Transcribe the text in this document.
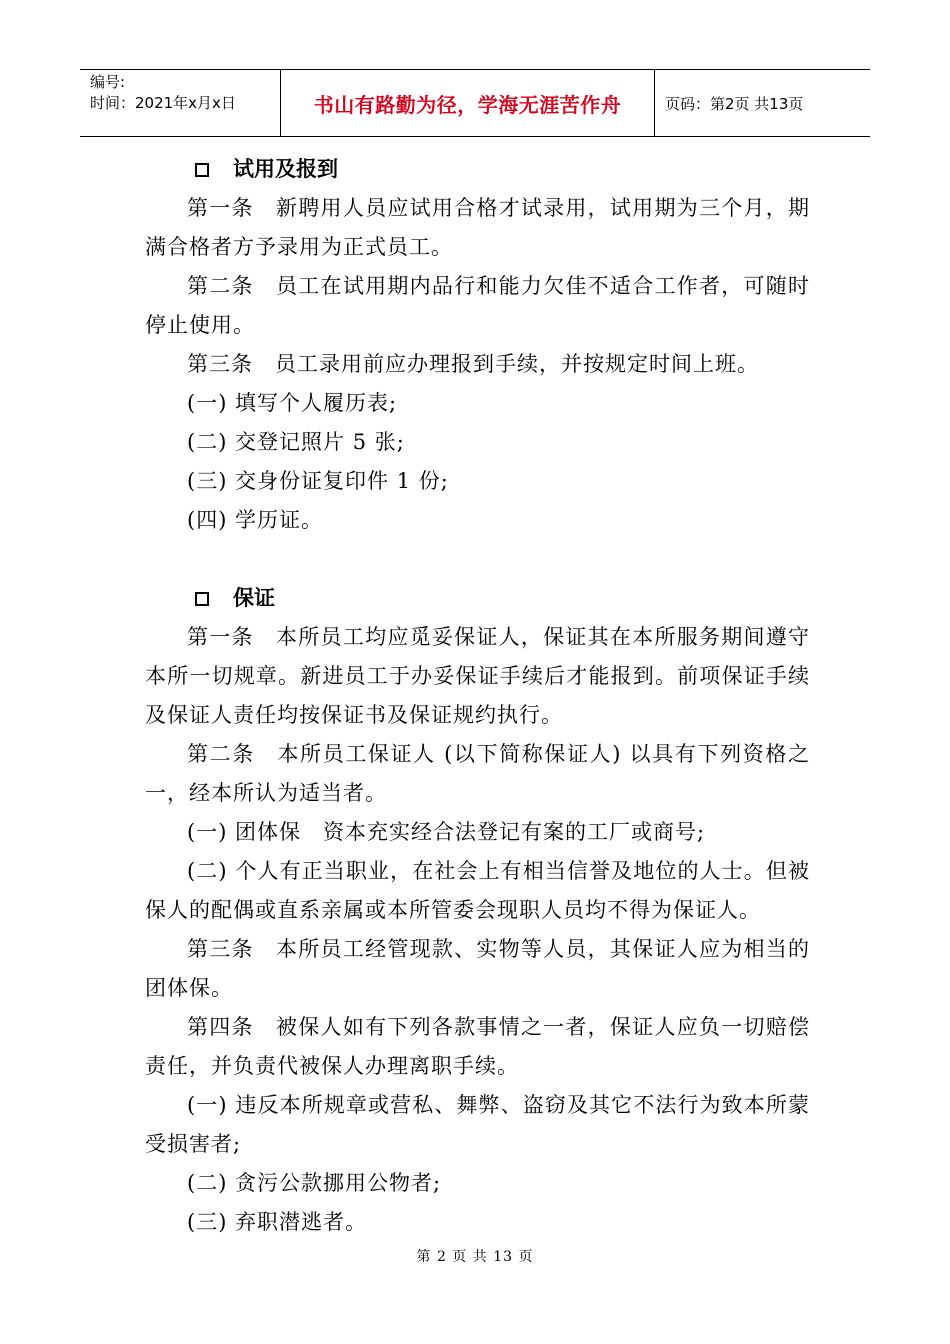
编号:
时间：2021年x月x日	书山有路勤为径，学海无涯苦作舟	页码：第2页 共13页
试用及报到

第一条　新聘用人员应试用合格才试录用，试用期为三个月，期满合格者方予录用为正式员工。

第二条　员工在试用期内品行和能力欠佳不适合工作者，可随时停止使用。

第三条　员工录用前应办理报到手续，并按规定时间上班。

(一) 填写个人履历表;

(二) 交登记照片 5 张;

(三) 交身份证复印件 1 份;

(四) 学历证。

保证

第一条　本所员工均应觅妥保证人，保证其在本所服务期间遵守本所一切规章。新进员工于办妥保证手续后才能报到。前项保证手续及保证人责任均按保证书及保证规约执行。

第二条　本所员工保证人 (以下简称保证人) 以具有下列资格之一，经本所认为适当者。

(一) 团体保　资本充实经合法登记有案的工厂或商号;

(二) 个人有正当职业，在社会上有相当信誉及地位的人士。但被保人的配偶或直系亲属或本所管委会现职人员均不得为保证人。

第三条　本所员工经管现款、实物等人员，其保证人应为相当的团体保。

第四条　被保人如有下列各款事情之一者，保证人应负一切赔偿责任，并负责代被保人办理离职手续。

(一) 违反本所规章或营私、舞弊、盗窃及其它不法行为致本所蒙受损害者;

(二) 贪污公款挪用公物者;

(三) 弃职潜逃者。

第 2 页 共 13 页
